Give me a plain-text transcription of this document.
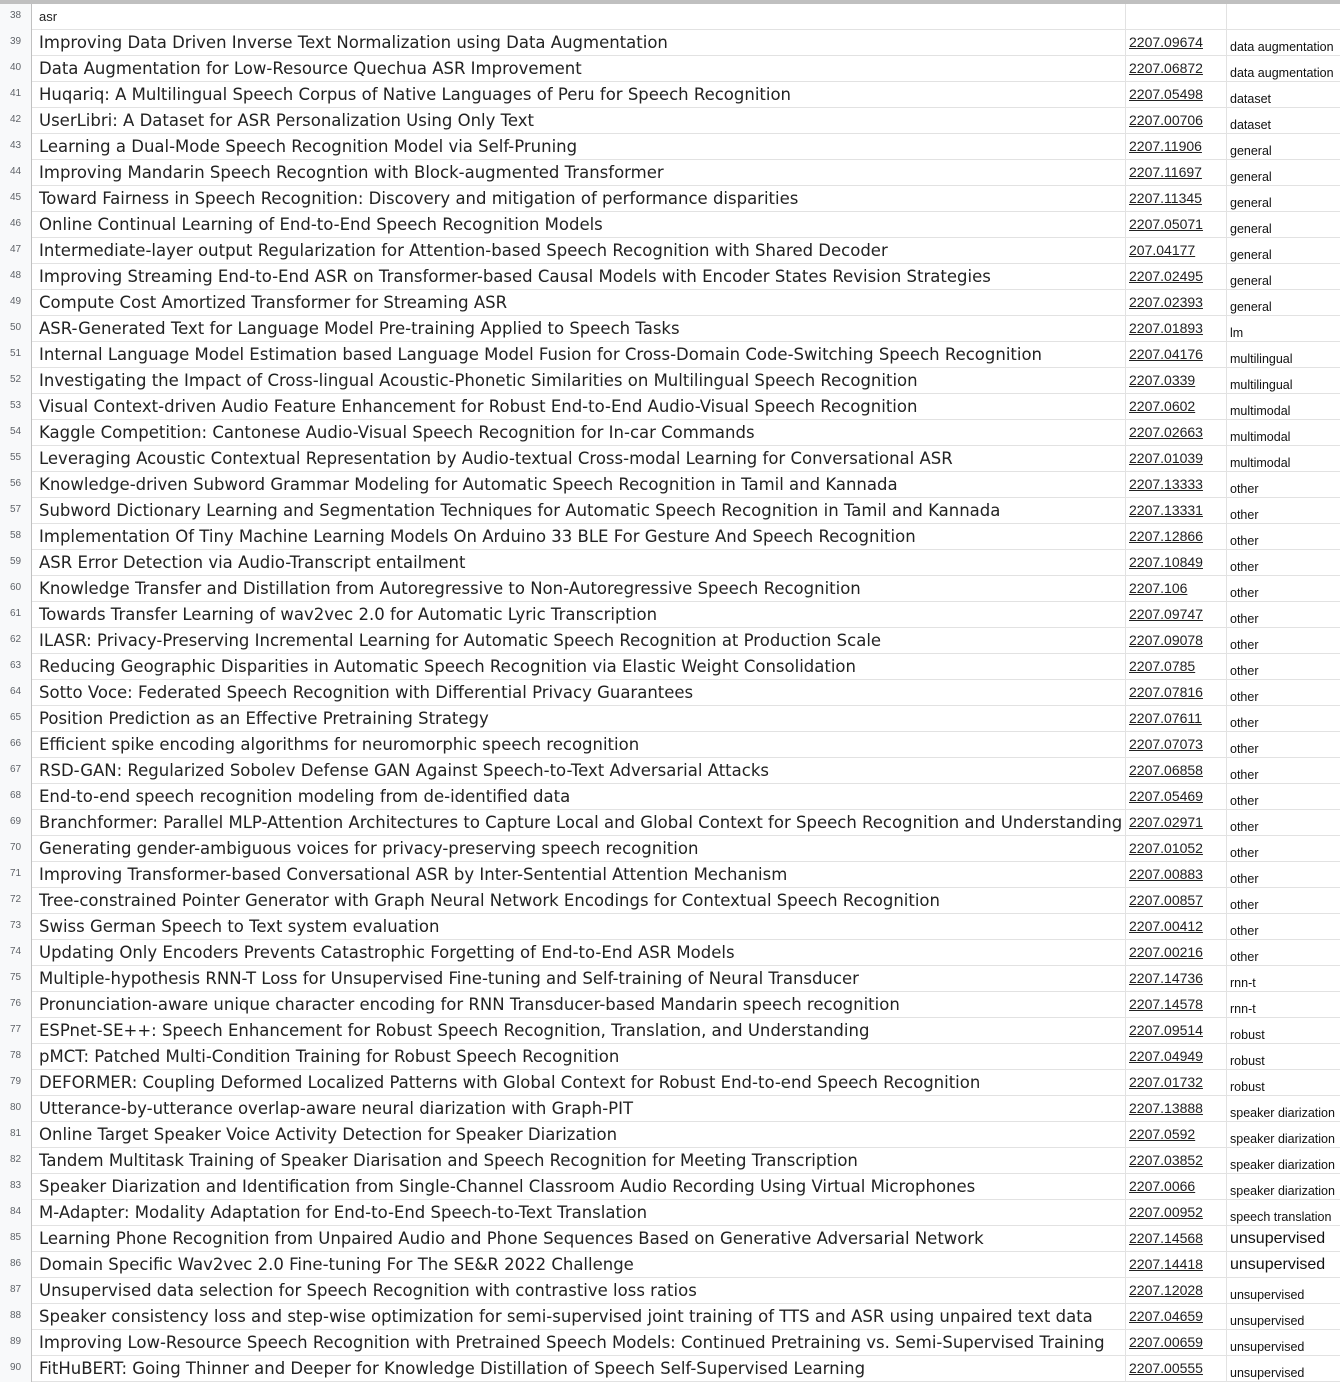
38	asr
39	Improving Data Driven Inverse Text Normalization using Data Augmentation	2207.09674	data augmentation
40	Data Augmentation for Low-Resource Quechua ASR Improvement	2207.06872	data augmentation
41	Huqariq: A Multilingual Speech Corpus of Native Languages of Peru for Speech Recognition	2207.05498	dataset
42	UserLibri: A Dataset for ASR Personalization Using Only Text	2207.00706	dataset
43	Learning a Dual-Mode Speech Recognition Model via Self-Pruning	2207.11906	general
44	Improving Mandarin Speech Recogntion with Block-augmented Transformer	2207.11697	general
45	Toward Fairness in Speech Recognition: Discovery and mitigation of performance disparities	2207.11345	general
46	Online Continual Learning of End-to-End Speech Recognition Models	2207.05071	general
47	Intermediate-layer output Regularization for Attention-based Speech Recognition with Shared Decoder	207.04177	general
48	Improving Streaming End-to-End ASR on Transformer-based Causal Models with Encoder States Revision Strategies	2207.02495	general
49	Compute Cost Amortized Transformer for Streaming ASR	2207.02393	general
50	ASR-Generated Text for Language Model Pre-training Applied to Speech Tasks	2207.01893	lm
51	Internal Language Model Estimation based Language Model Fusion for Cross-Domain Code-Switching Speech Recognition	2207.04176	multilingual
52	Investigating the Impact of Cross-lingual Acoustic-Phonetic Similarities on Multilingual Speech Recognition	2207.0339	multilingual
53	Visual Context-driven Audio Feature Enhancement for Robust End-to-End Audio-Visual Speech Recognition	2207.0602	multimodal
54	Kaggle Competition: Cantonese Audio-Visual Speech Recognition for In-car Commands	2207.02663	multimodal
55	Leveraging Acoustic Contextual Representation by Audio-textual Cross-modal Learning for Conversational ASR	2207.01039	multimodal
56	Knowledge-driven Subword Grammar Modeling for Automatic Speech Recognition in Tamil and Kannada	2207.13333	other
57	Subword Dictionary Learning and Segmentation Techniques for Automatic Speech Recognition in Tamil and Kannada	2207.13331	other
58	Implementation Of Tiny Machine Learning Models On Arduino 33 BLE For Gesture And Speech Recognition	2207.12866	other
59	ASR Error Detection via Audio-Transcript entailment	2207.10849	other
60	Knowledge Transfer and Distillation from Autoregressive to Non-Autoregressive Speech Recognition	2207.106	other
61	Towards Transfer Learning of wav2vec 2.0 for Automatic Lyric Transcription	2207.09747	other
62	ILASR: Privacy-Preserving Incremental Learning for Automatic Speech Recognition at Production Scale	2207.09078	other
63	Reducing Geographic Disparities in Automatic Speech Recognition via Elastic Weight Consolidation	2207.0785	other
64	Sotto Voce: Federated Speech Recognition with Differential Privacy Guarantees	2207.07816	other
65	Position Prediction as an Effective Pretraining Strategy	2207.07611	other
66	Efficient spike encoding algorithms for neuromorphic speech recognition	2207.07073	other
67	RSD-GAN: Regularized Sobolev Defense GAN Against Speech-to-Text Adversarial Attacks	2207.06858	other
68	End-to-end speech recognition modeling from de-identified data	2207.05469	other
69	Branchformer: Parallel MLP-Attention Architectures to Capture Local and Global Context for Speech Recognition and Understanding 2207.02971	other
70	Generating gender-ambiguous voices for privacy-preserving speech recognition	2207.01052	other
71	Improving Transformer-based Conversational ASR by Inter-Sentential Attention Mechanism	2207.00883	other
72	Tree-constrained Pointer Generator with Graph Neural Network Encodings for Contextual Speech Recognition	2207.00857	other
73	Swiss German Speech to Text system evaluation	2207.00412	other
74	Updating Only Encoders Prevents Catastrophic Forgetting of End-to-End ASR Models	2207.00216	other
75	Multiple-hypothesis RNN-T Loss for Unsupervised Fine-tuning and Self-training of Neural Transducer	2207.14736	rnn-t
76	Pronunciation-aware unique character encoding for RNN Transducer-based Mandarin speech recognition	2207.14578	rnn-t
77	ESPnet-SE++: Speech Enhancement for Robust Speech Recognition, Translation, and Understanding	2207.09514	robust
78	pMCT: Patched Multi-Condition Training for Robust Speech Recognition	2207.04949	robust
79	DEFORMER: Coupling Deformed Localized Patterns with Global Context for Robust End-to-end Speech Recognition	2207.01732	robust
80	Utterance-by-utterance overlap-aware neural diarization with Graph-PIT	2207.13888	speaker diarization
81	Online Target Speaker Voice Activity Detection for Speaker Diarization	2207.0592	speaker diarization
82	Tandem Multitask Training of Speaker Diarisation and Speech Recognition for Meeting Transcription	2207.03852	speaker diarization
83	Speaker Diarization and Identification from Single-Channel Classroom Audio Recording Using Virtual Microphones	2207.0066	speaker diarization
84	M-Adapter: Modality Adaptation for End-to-End Speech-to-Text Translation	2207.00952	speech translation
85	Learning Phone Recognition from Unpaired Audio and Phone Sequences Based on Generative Adversarial Network	2207.14568	unsupervised
86	Domain Specific Wav2vec 2.0 Fine-tuning For The SE&R 2022 Challenge	2207.14418	unsupervised
87	Unsupervised data selection for Speech Recognition with contrastive loss ratios	2207.12028	unsupervised
88	Speaker consistency loss and step-wise optimization for semi-supervised joint training of TTS and ASR using unpaired text data	2207.04659	unsupervised
89	Improving Low-Resource Speech Recognition with Pretrained Speech Models: Continued Pretraining vs. Semi-Supervised Training	2207.00659	unsupervised
90	FitHuBERT: Going Thinner and Deeper for Knowledge Distillation of Speech Self-Supervised Learning	2207.00555	unsupervised
